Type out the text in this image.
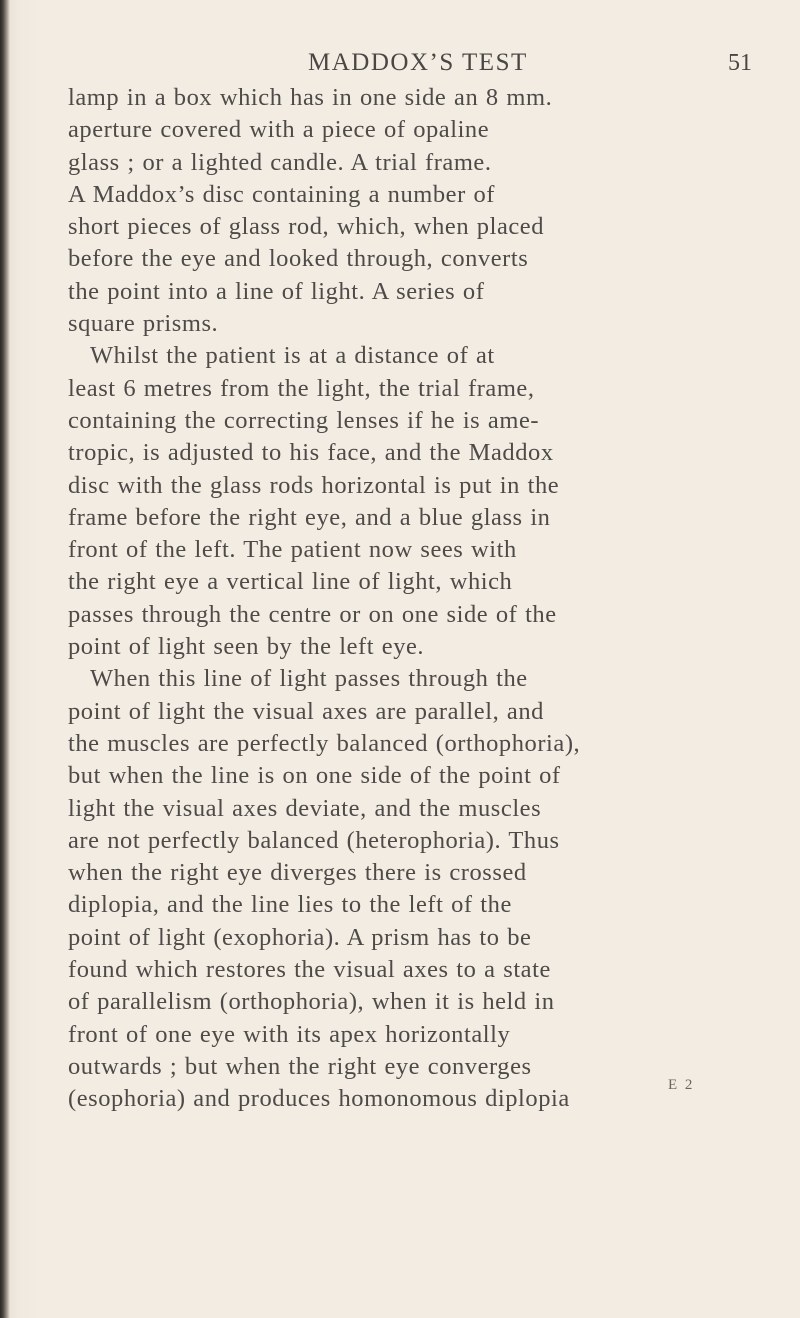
MADDOX’S TEST	51
lamp in a box which has in one side an 8 mm.
aperture covered with a piece of opaline
glass ; or a lighted candle. A trial frame.
A Maddox’s disc containing a number of
short pieces of glass rod, which, when placed
before the eye and looked through, converts
the point into a line of light. A series of
square prisms.
Whilst the patient is at a distance of at
least 6 metres from the light, the trial frame,
containing the correcting lenses if he is ame-
tropic, is adjusted to his face, and the Maddox
disc with the glass rods horizontal is put in the
frame before the right eye, and a blue glass in
front of the left. The patient now sees with
the right eye a vertical line of light, which
passes through the centre or on one side of the
point of light seen by the left eye.
When this line of light passes through the
point of light the visual axes are parallel, and
the muscles are perfectly balanced (orthophoria),
but when the line is on one side of the point of
light the visual axes deviate, and the muscles
are not perfectly balanced (heterophoria). Thus
when the right eye diverges there is crossed
diplopia, and the line lies to the left of the
point of light (exophoria). A prism has to be
found which restores the visual axes to a state
of parallelism (orthophoria), when it is held in
front of one eye with its apex horizontally
outwards ; but when the right eye converges
(esophoria) and produces homonomous diplopia
E 2
